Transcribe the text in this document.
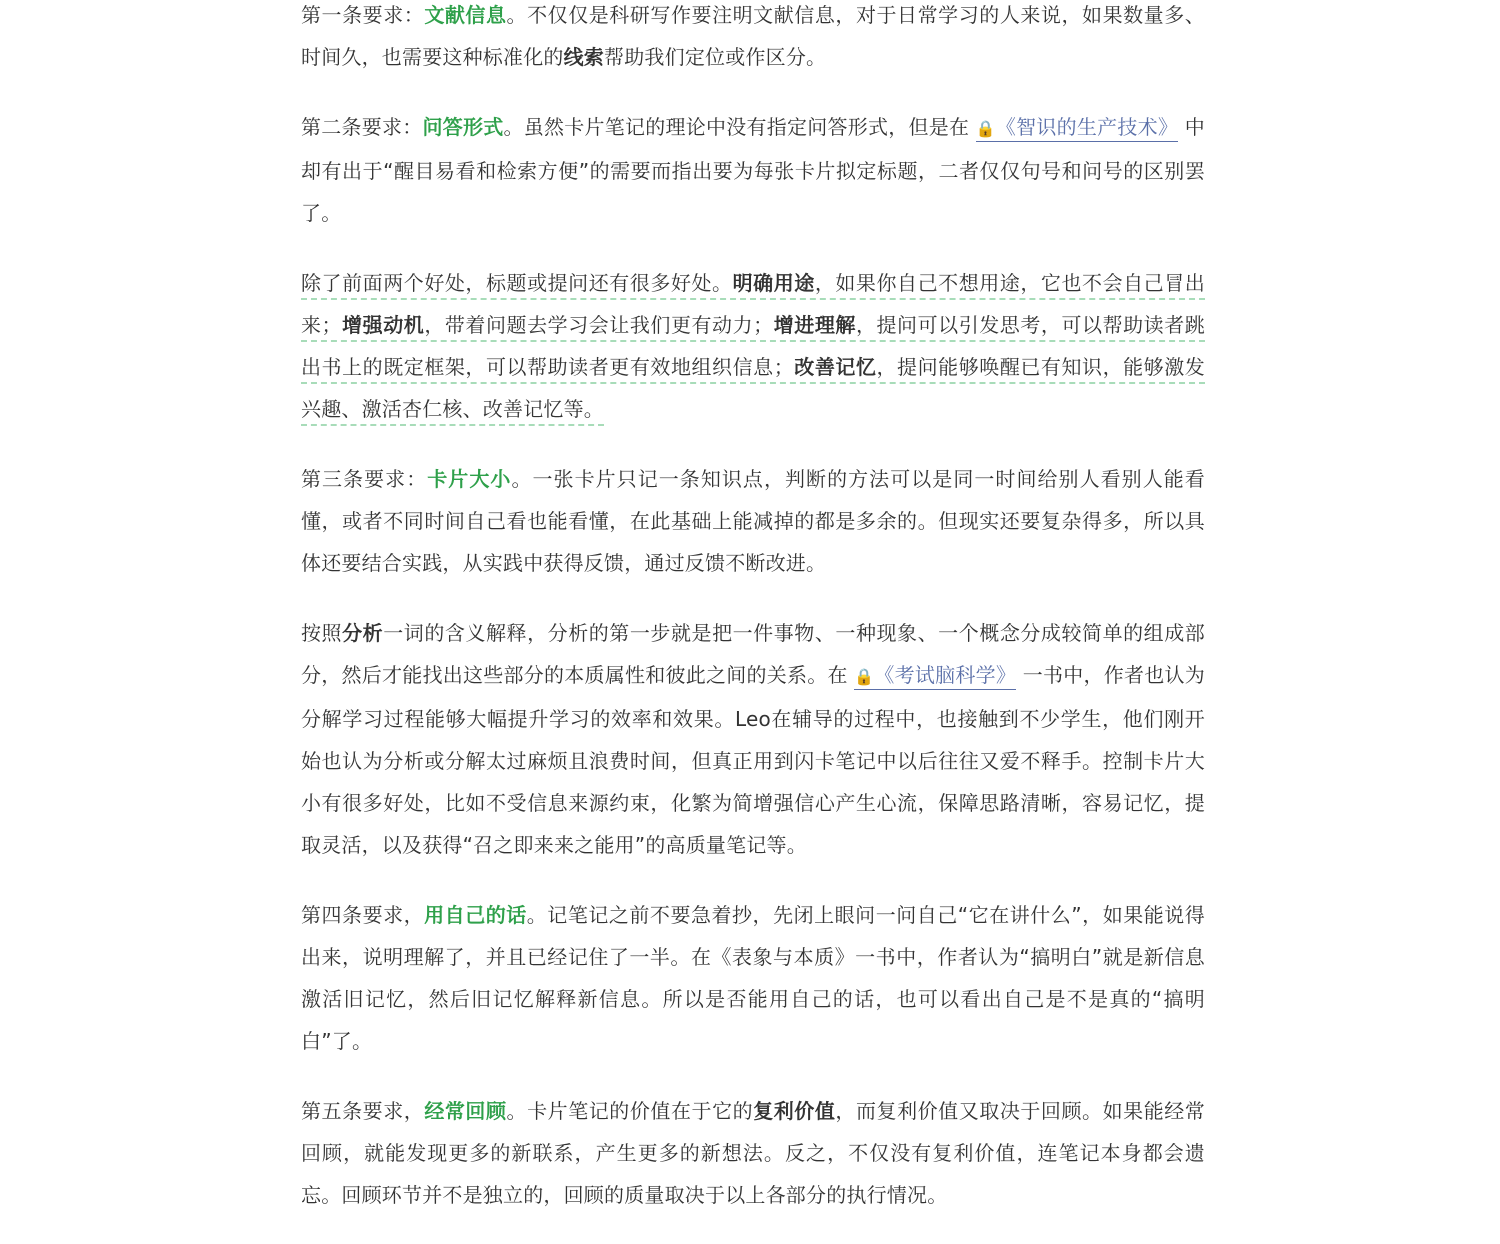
第一条要求：文献信息。不仅仅是科研写作要注明文献信息，对于日常学习的人来说，如果数量多、时间久，也需要这种标准化的线索帮助我们定位或作区分。

第二条要求：问答形式。虽然卡片笔记的理论中没有指定问答形式，但是在 🔒《智识的生产技术》 中却有出于“醒目易看和检索方便”的需要而指出要为每张卡片拟定标题，二者仅仅句号和问号的区别罢了。

除了前面两个好处，标题或提问还有很多好处。明确用途，如果你自己不想用途，它也不会自己冒出来；增强动机，带着问题去学习会让我们更有动力；增进理解，提问可以引发思考，可以帮助读者跳出书上的既定框架，可以帮助读者更有效地组织信息；改善记忆，提问能够唤醒已有知识，能够激发兴趣、激活杏仁核、改善记忆等。

第三条要求：卡片大小。一张卡片只记一条知识点，判断的方法可以是同一时间给别人看别人能看懂，或者不同时间自己看也能看懂，在此基础上能减掉的都是多余的。但现实还要复杂得多，所以具体还要结合实践，从实践中获得反馈，通过反馈不断改进。

按照分析一词的含义解释，分析的第一步就是把一件事物、一种现象、一个概念分成较简单的组成部分，然后才能找出这些部分的本质属性和彼此之间的关系。在 🔒《考试脑科学》 一书中，作者也认为分解学习过程能够大幅提升学习的效率和效果。Leo在辅导的过程中，也接触到不少学生，他们刚开始也认为分析或分解太过麻烦且浪费时间，但真正用到闪卡笔记中以后往往又爱不释手。控制卡片大小有很多好处，比如不受信息来源约束，化繁为简增强信心产生心流，保障思路清晰，容易记忆，提取灵活，以及获得“召之即来来之能用”的高质量笔记等。

第四条要求，用自己的话。记笔记之前不要急着抄，先闭上眼问一问自己“它在讲什么”，如果能说得出来，说明理解了，并且已经记住了一半。在《表象与本质》一书中，作者认为“搞明白”就是新信息激活旧记忆，然后旧记忆解释新信息。所以是否能用自己的话，也可以看出自己是不是真的“搞明白”了。

第五条要求，经常回顾。卡片笔记的价值在于它的复利价值，而复利价值又取决于回顾。如果能经常回顾，就能发现更多的新联系，产生更多的新想法。反之，不仅没有复利价值，连笔记本身都会遗忘。回顾环节并不是独立的，回顾的质量取决于以上各部分的执行情况。
